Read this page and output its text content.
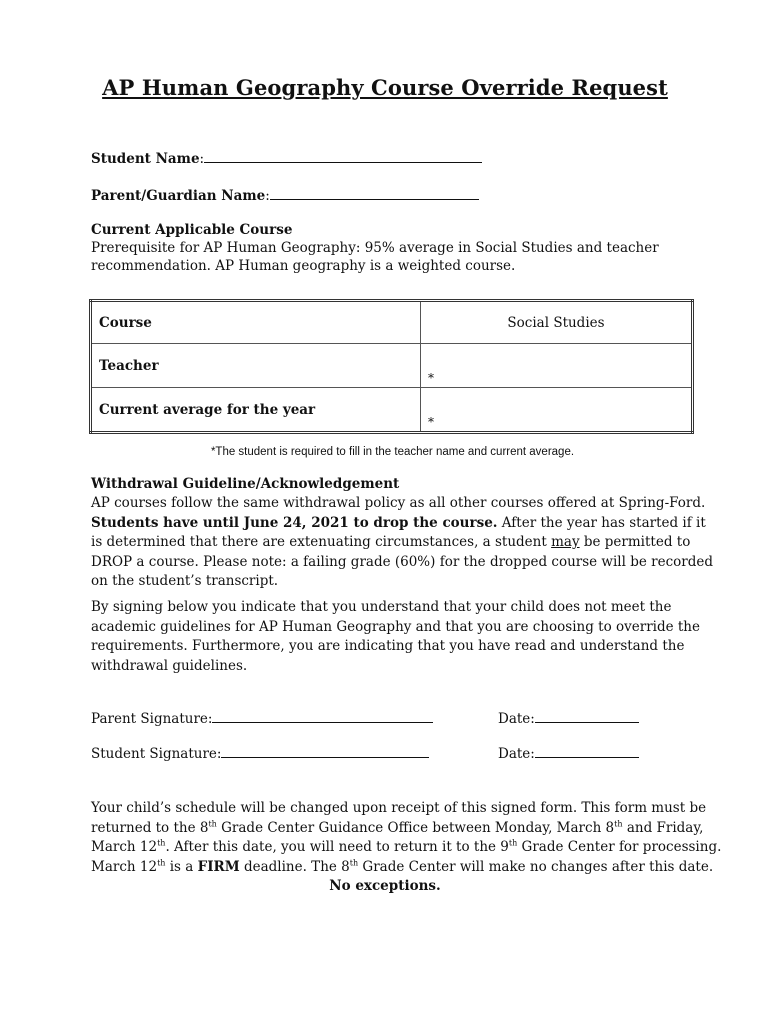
AP Human Geography Course Override Request
Student Name:
Parent/Guardian Name:
Current Applicable Course
Prerequisite for AP Human Geography: 95% average in Social Studies and teacher
recommendation. AP Human geography is a weighted course.
Course	Social Studies
Teacher	*
Current average for the year	*
*The student is required to fill in the teacher name and current average.
Withdrawal Guideline/Acknowledgement
AP courses follow the same withdrawal policy as all other courses offered at Spring-Ford.
Students have until June 24, 2021 to drop the course. After the year has started if it
is determined that there are extenuating circumstances, a student may be permitted to
DROP a course. Please note: a failing grade (60%) for the dropped course will be recorded
on the student’s transcript.
By signing below you indicate that you understand that your child does not meet the
academic guidelines for AP Human Geography and that you are choosing to override the
requirements. Furthermore, you are indicating that you have read and understand the
withdrawal guidelines.
Parent Signature:	Date:
Student Signature:	Date:
Your child’s schedule will be changed upon receipt of this signed form. This form must be
returned to the 8th Grade Center Guidance Office between Monday, March 8th and Friday,
March 12th. After this date, you will need to return it to the 9th Grade Center for processing.
March 12th is a FIRM deadline. The 8th Grade Center will make no changes after this date.
No exceptions.
